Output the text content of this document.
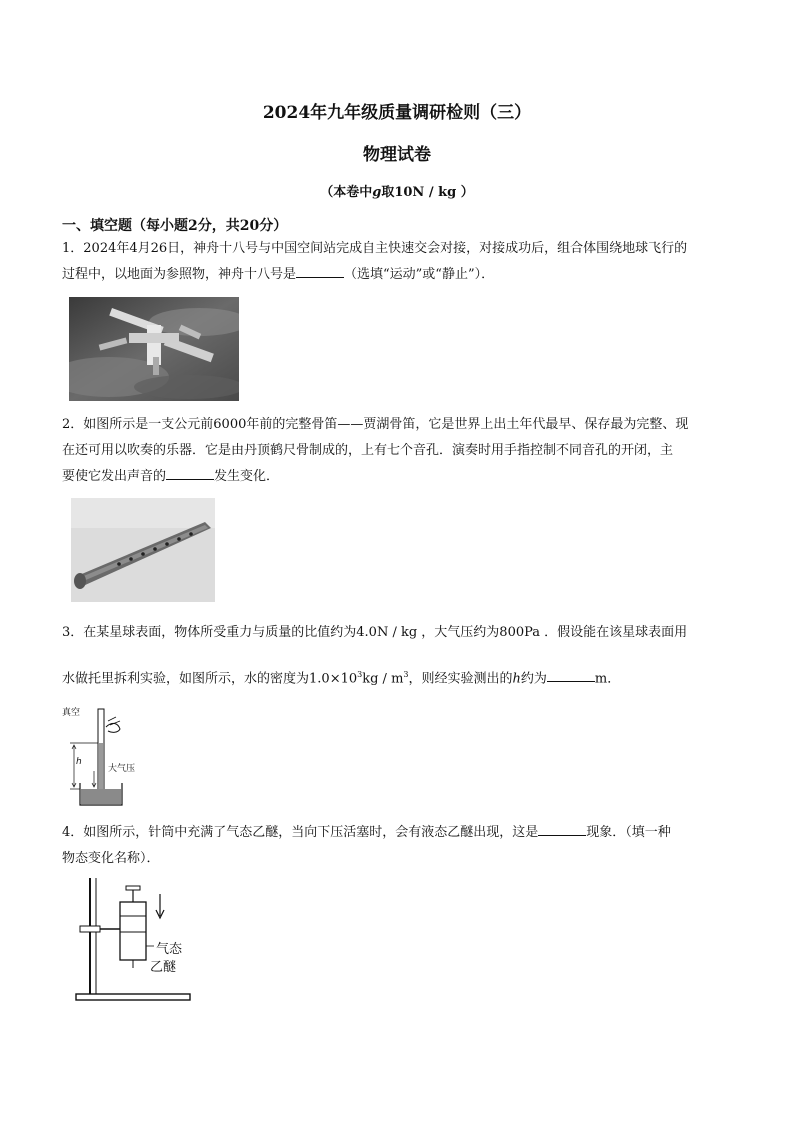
2024年九年级质量调研检则（三）
物理试卷
（本卷中g取10N / kg ）
一、填空题（每小题2分，共20分）
1．2024年4月26日，神舟十八号与中国空间站完成自主快速交会对接，对接成功后，组合体围绕地球飞行的
过程中，以地面为参照物，神舟十八号是	（选填“运动”或“静止”）．
2．如图所示是一支公元前6000年前的完整骨笛——贾湖骨笛，它是世界上出土年代最早、保存最为完整、现
在还可用以吹奏的乐器．它是由丹顶鹤尺骨制成的，上有七个音孔．演奏时用手指控制不同音孔的开闭，主
要使它发出声音的	发生变化．
3．在某星球表面，物体所受重力与质量的比值约为4.0N / kg ，大气压约为800Pa ．假设能在该星球表面用
水做托里拆利实验，如图所示，水的密度为$1.0\times 10^3kg / m^3$，则经实验测出的h约为	m．
真空
h
大气压
4．如图所示，针筒中充满了气态乙醚，当向下压活塞时，会有液态乙醚出现，这是	现象．（填一种
物态变化名称）．
气态
乙醚
